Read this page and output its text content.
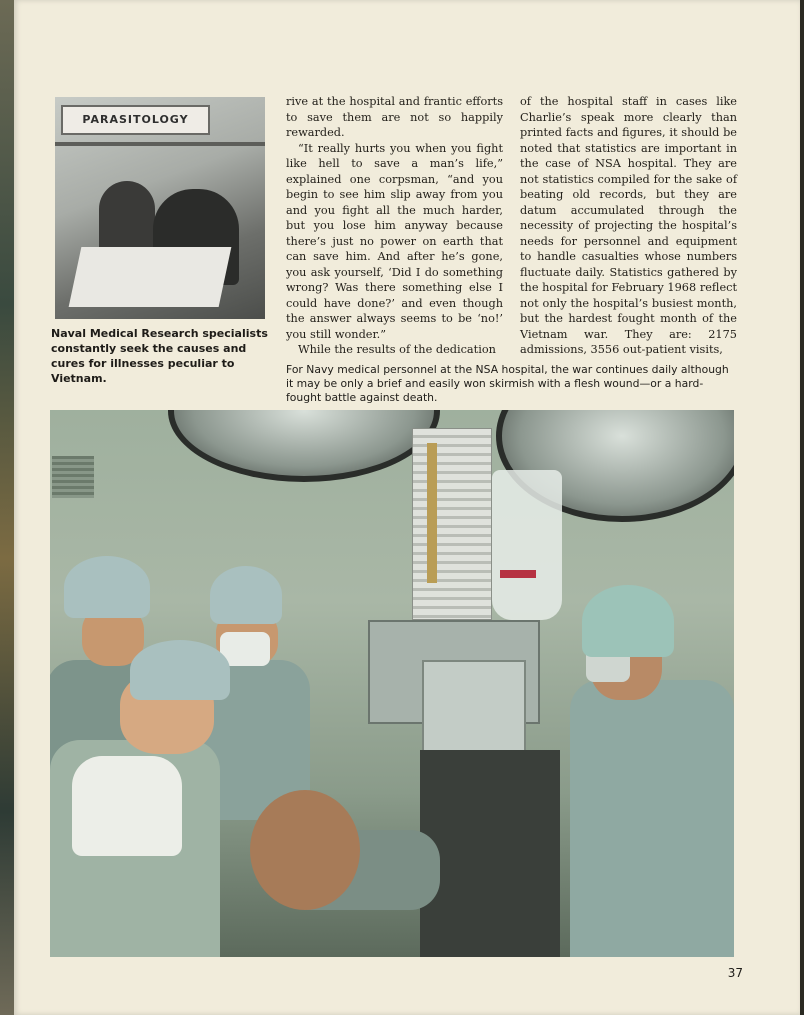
PARASITOLOGY
Naval Medical Research specialists constantly seek the causes and cures for illnesses peculiar to Vietnam.

rive at the hospital and frantic efforts to save them are not so happily rewarded.

“It really hurts you when you fight like hell to save a man’s life,” explained one corpsman, “and you begin to see him slip away from you and you fight all the much harder, but you lose him anyway because there’s just no power on earth that can save him. And after he’s gone, you ask yourself, ‘Did I do something wrong? Was there something else I could have done?’ and even though the answer always seems to be ‘no!’ you still wonder.”

While the results of the dedication

of the hospital staff in cases like Charlie’s speak more clearly than printed facts and figures, it should be noted that statistics are important in the case of NSA hospital. They are not statistics compiled for the sake of beating old records, but they are datum accumulated through the necessity of projecting the hospital’s needs for personnel and equipment to handle casualties whose numbers fluctuate daily. Statistics gathered by the hospital for February 1968 reflect not only the hospital’s busiest month, but the hardest fought month of the Vietnam war. They are: 2175 admissions, 3556 out-patient visits,

For Navy medical personnel at the NSA hospital, the war continues daily although it may be only a brief and easily won skirmish with a flesh wound—or a hard-fought battle against death.
37
